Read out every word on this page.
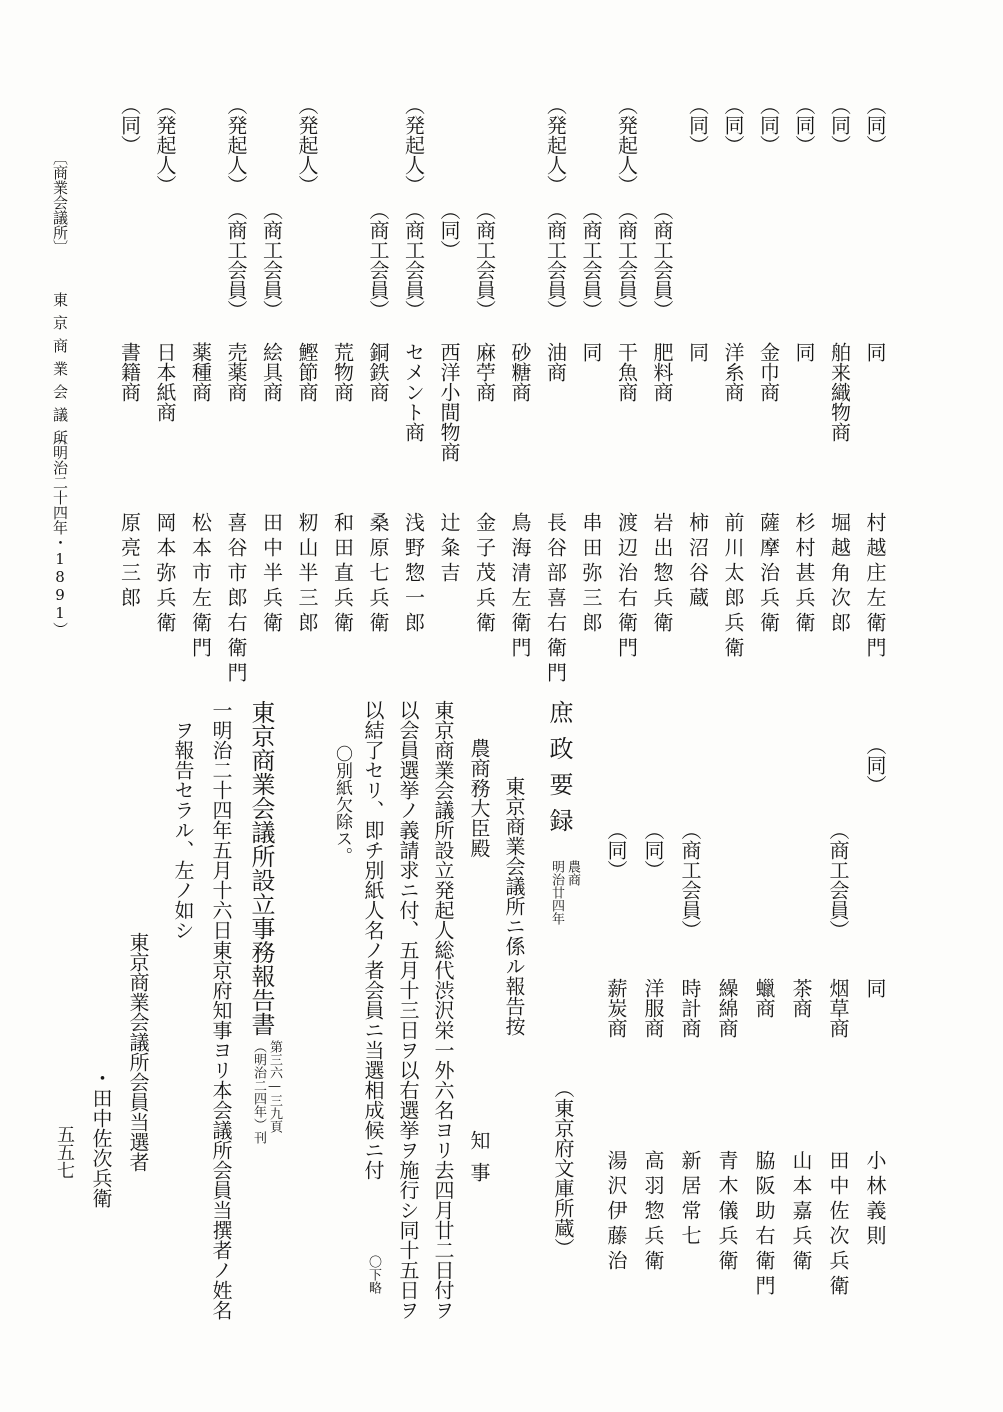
五五七
〔商業会議所〕
東京商業会議所
（明治二十四年・1891）
（同）
同
村越庄左衛門
（同）
舶来織物商
堀越角次郎
（同）
同
杉村甚兵衛
（同）
金巾商
薩摩治兵衛
（同）
洋糸商
前川太郎兵衛
（同）
同
柿沼谷蔵
（商工会員）
肥料商
岩出惣兵衛
（発起人）
（商工会員）
干魚商
渡辺治右衛門
（商工会員）
同
串田弥三郎
（発起人）
（商工会員）
油商
長谷部喜右衛門
砂糖商
鳥海清左衛門
（商工会員）
麻苧商
金子茂兵衛
（同）
西洋小間物商
辻粂吉
（発起人）
（商工会員）
セメント商
浅野惣一郎
（商工会員）
銅鉄商
桑原七兵衛
荒物商
和田直兵衛
（発起人）
鰹節商
籾山半三郎
（商工会員）
絵具商
田中半兵衛
（発起人）
（商工会員）
売薬商
喜谷市郎右衛門
薬種商
松本市左衛門
（発起人）
日本紙商
岡本弥兵衛
（同）
書籍商
原亮三郎
（同）
同
小林義則
（商工会員）
烟草商
田中佐次兵衛
茶商
山本嘉兵衛
蠟商
脇阪助右衛門
繰綿商
青木儀兵衛
（商工会員）
時計商
新居常七
（同）
洋服商
高羽惣兵衛
（同）
薪炭商
湯沢伊藤治
（東京府文庫所蔵）
庶政要録
農商
明治廿四年
東京商業会議所ニ係ル報告按
農商務大臣殿
知事
東京商業会議所設立発起人総代渋沢栄一外六名ヨリ去四月廿二日付ヲ
以会員選挙ノ義請求ニ付、五月十三日ヲ以右選挙ヲ施行シ同十五日ヲ
以結了セリ、即チ別紙人名ノ者会員ニ当選相成候ニ付
〇下略
〇別紙欠除ス。
東京商業会議所設立事務報告書
第三六—三九頁
（明治二四年）刊
一明治二十四年五月十六日東京府知事ヨリ本会議所会員当撰者ノ姓名
ヲ報告セラル、左ノ如シ
東京商業会議所会員当選者
・田中佐次兵衛
